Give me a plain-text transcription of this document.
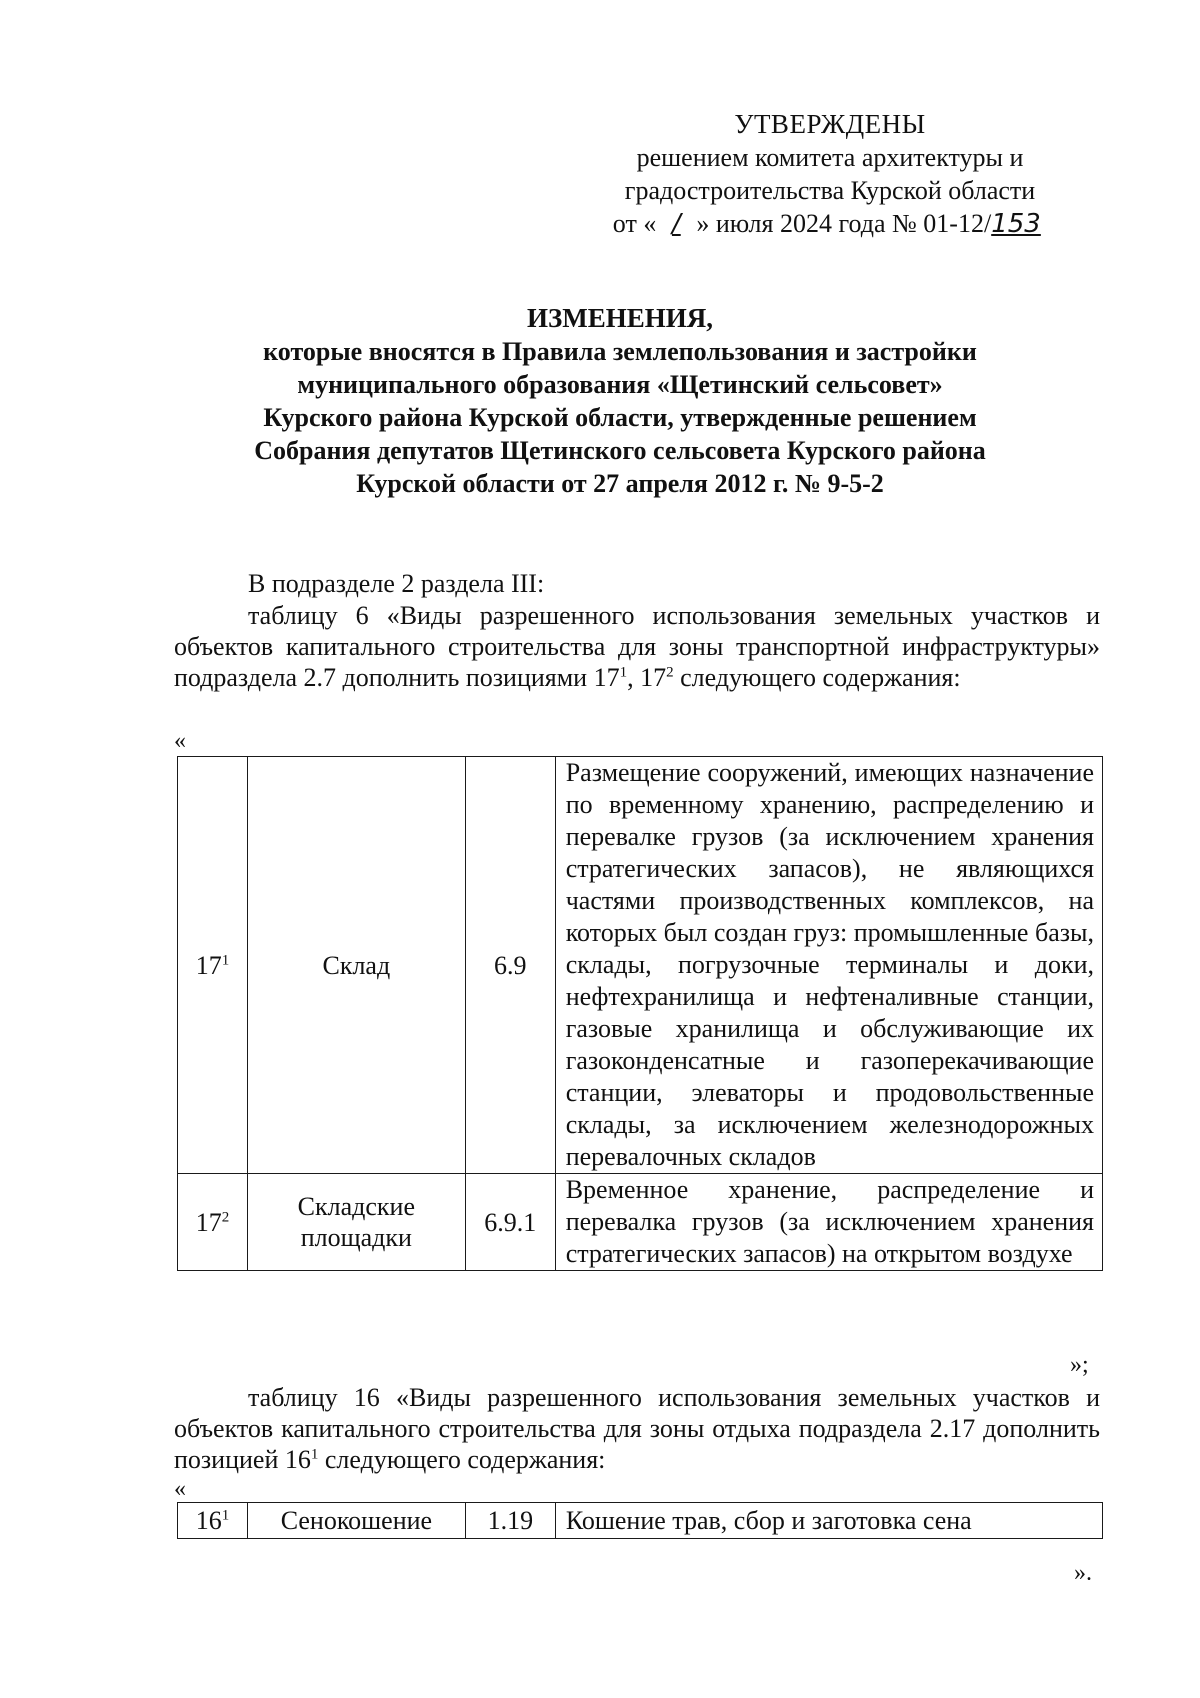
УТВЕРЖДЕНЫ
решением комитета архитектуры и
градостроительства Курской области
от « / » июля 2024 года № 01-12/153
ИЗМЕНЕНИЯ,
которые вносятся в Правила землепользования и застройки
муниципального образования «Щетинский сельсовет»
Курского района Курской области, утвержденные решением
Собрания депутатов Щетинского сельсовета Курского района
Курской области от 27 апреля 2012 г. № 9-5-2
В подразделе 2 раздела III:
таблицу 6 «Виды разрешенного использования земельных участков и объектов капитального строительства для зоны транспортной инфраструктуры» подраздела 2.7 дополнить позициями $17^1$, $17^2$ следующего содержания:
«
$17^1$	Склад	6.9	Размещение сооружений, имеющих назначение по временному хранению, распределению и перевалке грузов (за исключением хранения стратегических запасов), не являющихся частями производственных комплексов, на которых был создан груз: промышленные базы, склады, погрузочные терминалы и доки, нефтехранилища и нефтеналивные станции, газовые хранилища и обслуживающие их газоконденсатные и газоперекачивающие станции, элеваторы и продовольственные склады, за исключением железнодорожных перевалочных складов
$17^2$	Складские площадки	6.9.1	Временное хранение, распределение и перевалка грузов (за исключением хранения стратегических запасов) на открытом воздухе
»;
таблицу 16 «Виды разрешенного использования земельных участков и объектов капитального строительства для зоны отдыха подраздела 2.17 дополнить позицией $16^1$ следующего содержания:
«
$16^1$	Сенокошение	1.19	Кошение трав, сбор и заготовка сена
».
